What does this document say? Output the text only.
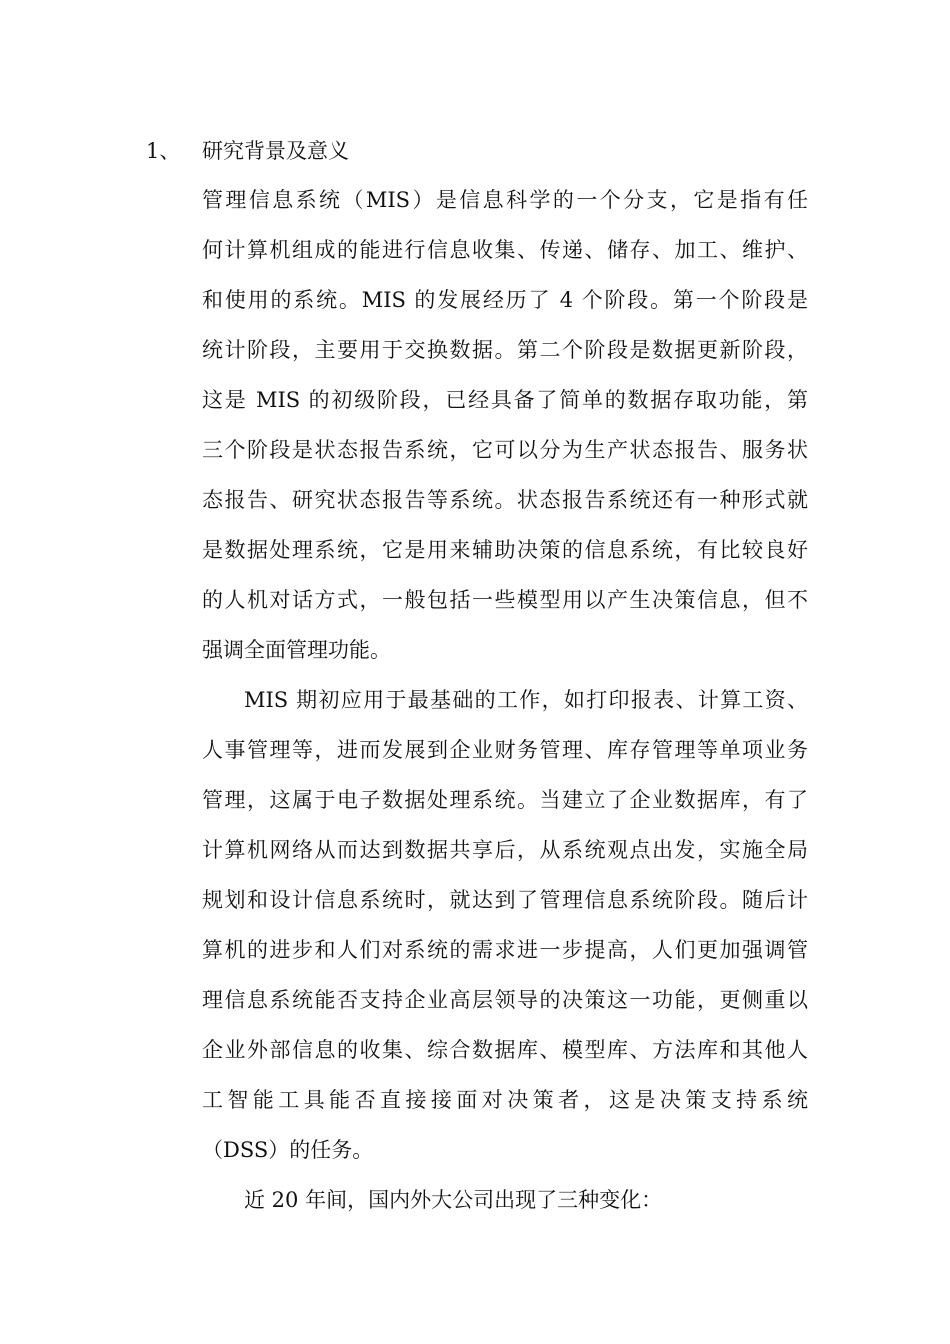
1、 研究背景及意义
管理信息系统（MIS）是信息科学的一个分支，它是指有任
何计算机组成的能进行信息收集、传递、储存、加工、维护、
和使用的系统。MIS 的发展经历了 4 个阶段。第一个阶段是
统计阶段，主要用于交换数据。第二个阶段是数据更新阶段，
这是 MIS 的初级阶段，已经具备了简单的数据存取功能，第
三个阶段是状态报告系统，它可以分为生产状态报告、服务状
态报告、研究状态报告等系统。状态报告系统还有一种形式就
是数据处理系统，它是用来辅助决策的信息系统，有比较良好
的人机对话方式，一般包括一些模型用以产生决策信息，但不
强调全面管理功能。
MIS 期初应用于最基础的工作，如打印报表、计算工资、
人事管理等，进而发展到企业财务管理、库存管理等单项业务
管理，这属于电子数据处理系统。当建立了企业数据库，有了
计算机网络从而达到数据共享后，从系统观点出发，实施全局
规划和设计信息系统时，就达到了管理信息系统阶段。随后计
算机的进步和人们对系统的需求进一步提高，人们更加强调管
理信息系统能否支持企业高层领导的决策这一功能，更侧重以
企业外部信息的收集、综合数据库、模型库、方法库和其他人
工智能工具能否直接接面对决策者，这是决策支持系统
（DSS）的任务。
近 20 年间，国内外大公司出现了三种变化：
